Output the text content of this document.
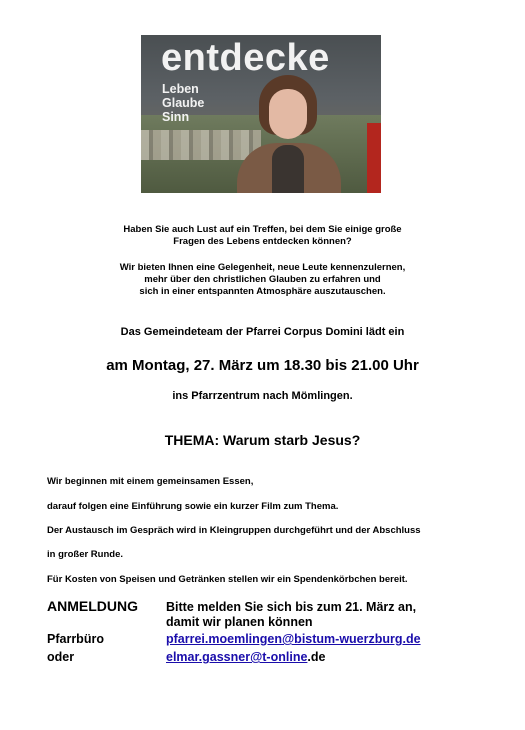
entdecke
Leben
Glaube
Sinn
Haben Sie auch Lust auf ein Treffen, bei dem Sie einige große
Fragen des Lebens entdecken können?
Wir bieten Ihnen eine Gelegenheit, neue Leute kennenzulernen,
mehr über den christlichen Glauben zu erfahren und
sich in einer entspannten Atmosphäre auszutauschen.
Das Gemeindeteam der Pfarrei Corpus Domini lädt ein
am Montag, 27. März um 18.30 bis 21.00 Uhr
ins Pfarrzentrum nach Mömlingen.
THEMA: Warum starb Jesus?
Wir beginnen mit einem gemeinsamen Essen,
darauf folgen eine Einführung sowie ein kurzer Film zum Thema.
Der Austausch im Gespräch wird in Kleingruppen durchgeführt und der Abschluss
in großer Runde.
Für Kosten von Speisen und Getränken stellen wir ein Spendenkörbchen bereit.
ANMELDUNG Bitte melden Sie sich bis zum 21. März an,
damit wir planen können
Pfarrbüro	pfarrei.moemlingen@bistum-wuerzburg.de
oder	elmar.gassner@t-online.de
